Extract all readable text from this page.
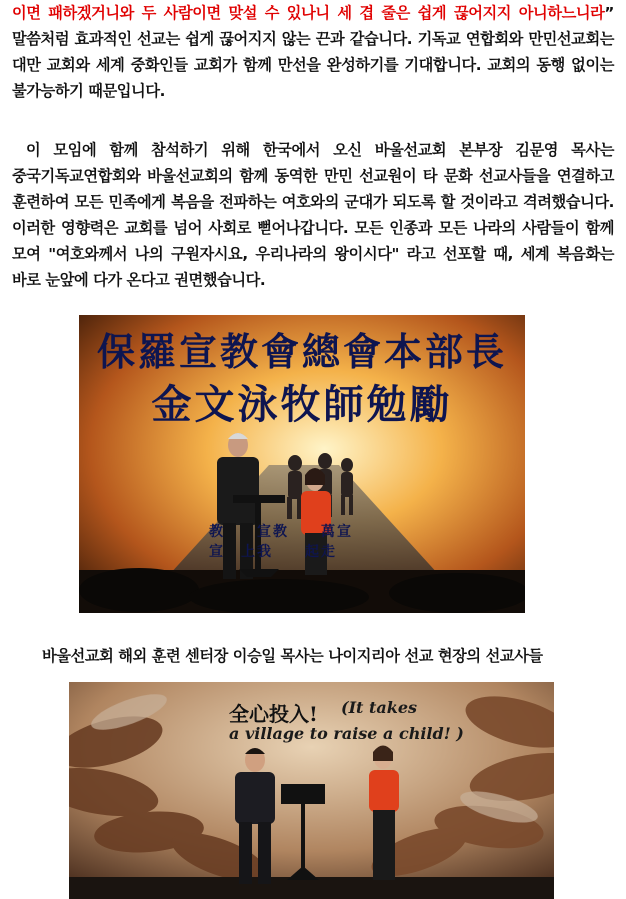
이면 패하겠거니와 두 사람이면 맞설 수 있나니 세 겹 줄은 쉽게 끊어지지 아니하느니라” 말씀처럼 효과적인 선교는 쉽게 끊어지지 않는 끈과 같습니다. 기독교 연합회와 만민선교회는 대만 교회와 세계 중화인들 교회가 함께 만선을 완성하기를 기대합니다. 교회의 동행 없이는 불가능하기 때문입니다.
이 모임에 함께 참석하기 위해 한국에서 오신 바울선교회 본부장 김문영 목사는 중국기독교연합회와 바울선교회의 함께 동역한 만민 선교원이 타 문화 선교사들을 연결하고 훈련하여 모든 민족에게 복음을 전파하는 여호와의 군대가 되도록 할 것이라고 격려했습니다. 이러한 영향력은 교회를 넘어 사회로 뻗어나갑니다. 모든 인종과 모든 나라의 사람들이 함께 모여 "여호와께서 나의 구원자시요, 우리나라의 왕이시다" 라고 선포할 때, 세계 복음화는 바로 눈앞에 다가 온다고 권면했습니다.
保羅宣教會總會本部長
金文泳牧師勉勵
教　　宣教　　萬宣
宣　上我　　起走
바울선교회 해외 훈련 센터장 이승일 목사는 나이지리아 선교 현장의 선교사들
全心投入! (It takes
a village to raise a child! )
